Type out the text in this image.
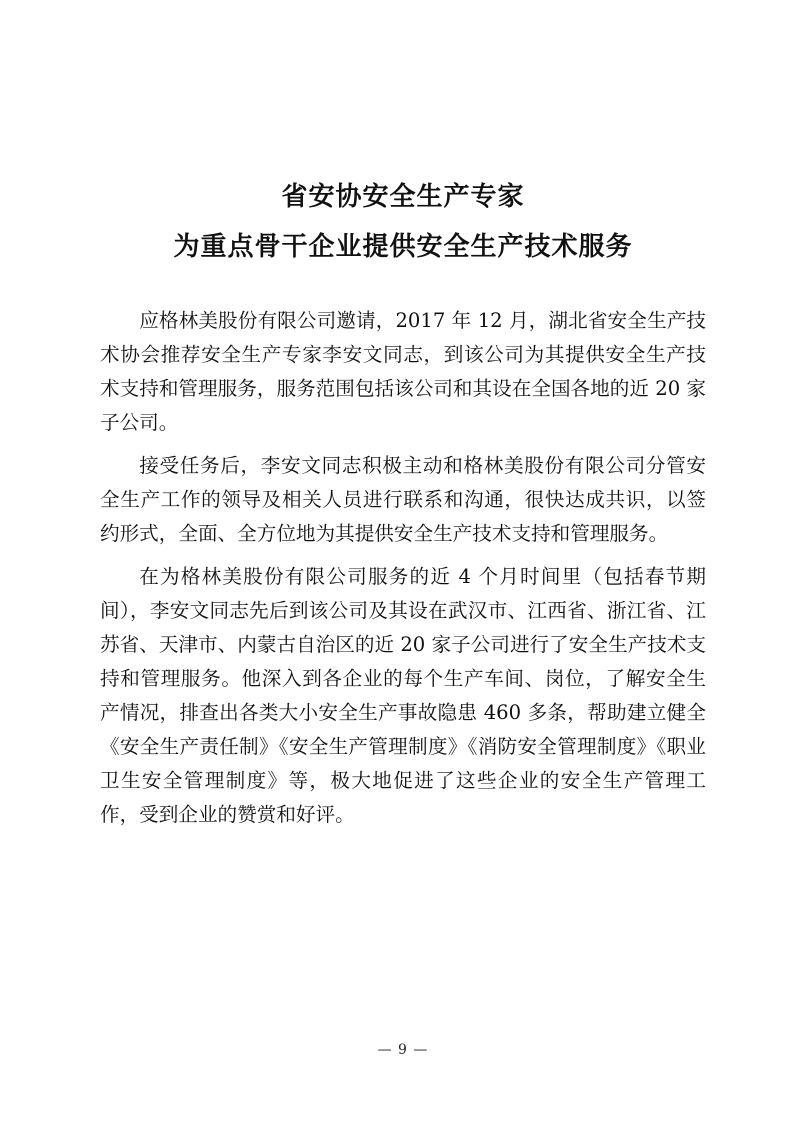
省安协安全生产专家
为重点骨干企业提供安全生产技术服务

应格林美股份有限公司邀请，2017 年 12 月，湖北省安全生产技术协会推荐安全生产专家李安文同志，到该公司为其提供安全生产技术支持和管理服务，服务范围包括该公司和其设在全国各地的近 20 家子公司。

接受任务后，李安文同志积极主动和格林美股份有限公司分管安全生产工作的领导及相关人员进行联系和沟通，很快达成共识，以签约形式，全面、全方位地为其提供安全生产技术支持和管理服务。

在为格林美股份有限公司服务的近 4 个月时间里（包括春节期间），李安文同志先后到该公司及其设在武汉市、江西省、浙江省、江苏省、天津市、内蒙古自治区的近 20 家子公司进行了安全生产技术支持和管理服务。他深入到各企业的每个生产车间、岗位，了解安全生产情况，排查出各类大小安全生产事故隐患 460 多条，帮助建立健全《安全生产责任制》《安全生产管理制度》《消防安全管理制度》《职业卫生安全管理制度》等，极大地促进了这些企业的安全生产管理工作，受到企业的赞赏和好评。

— 9 —
